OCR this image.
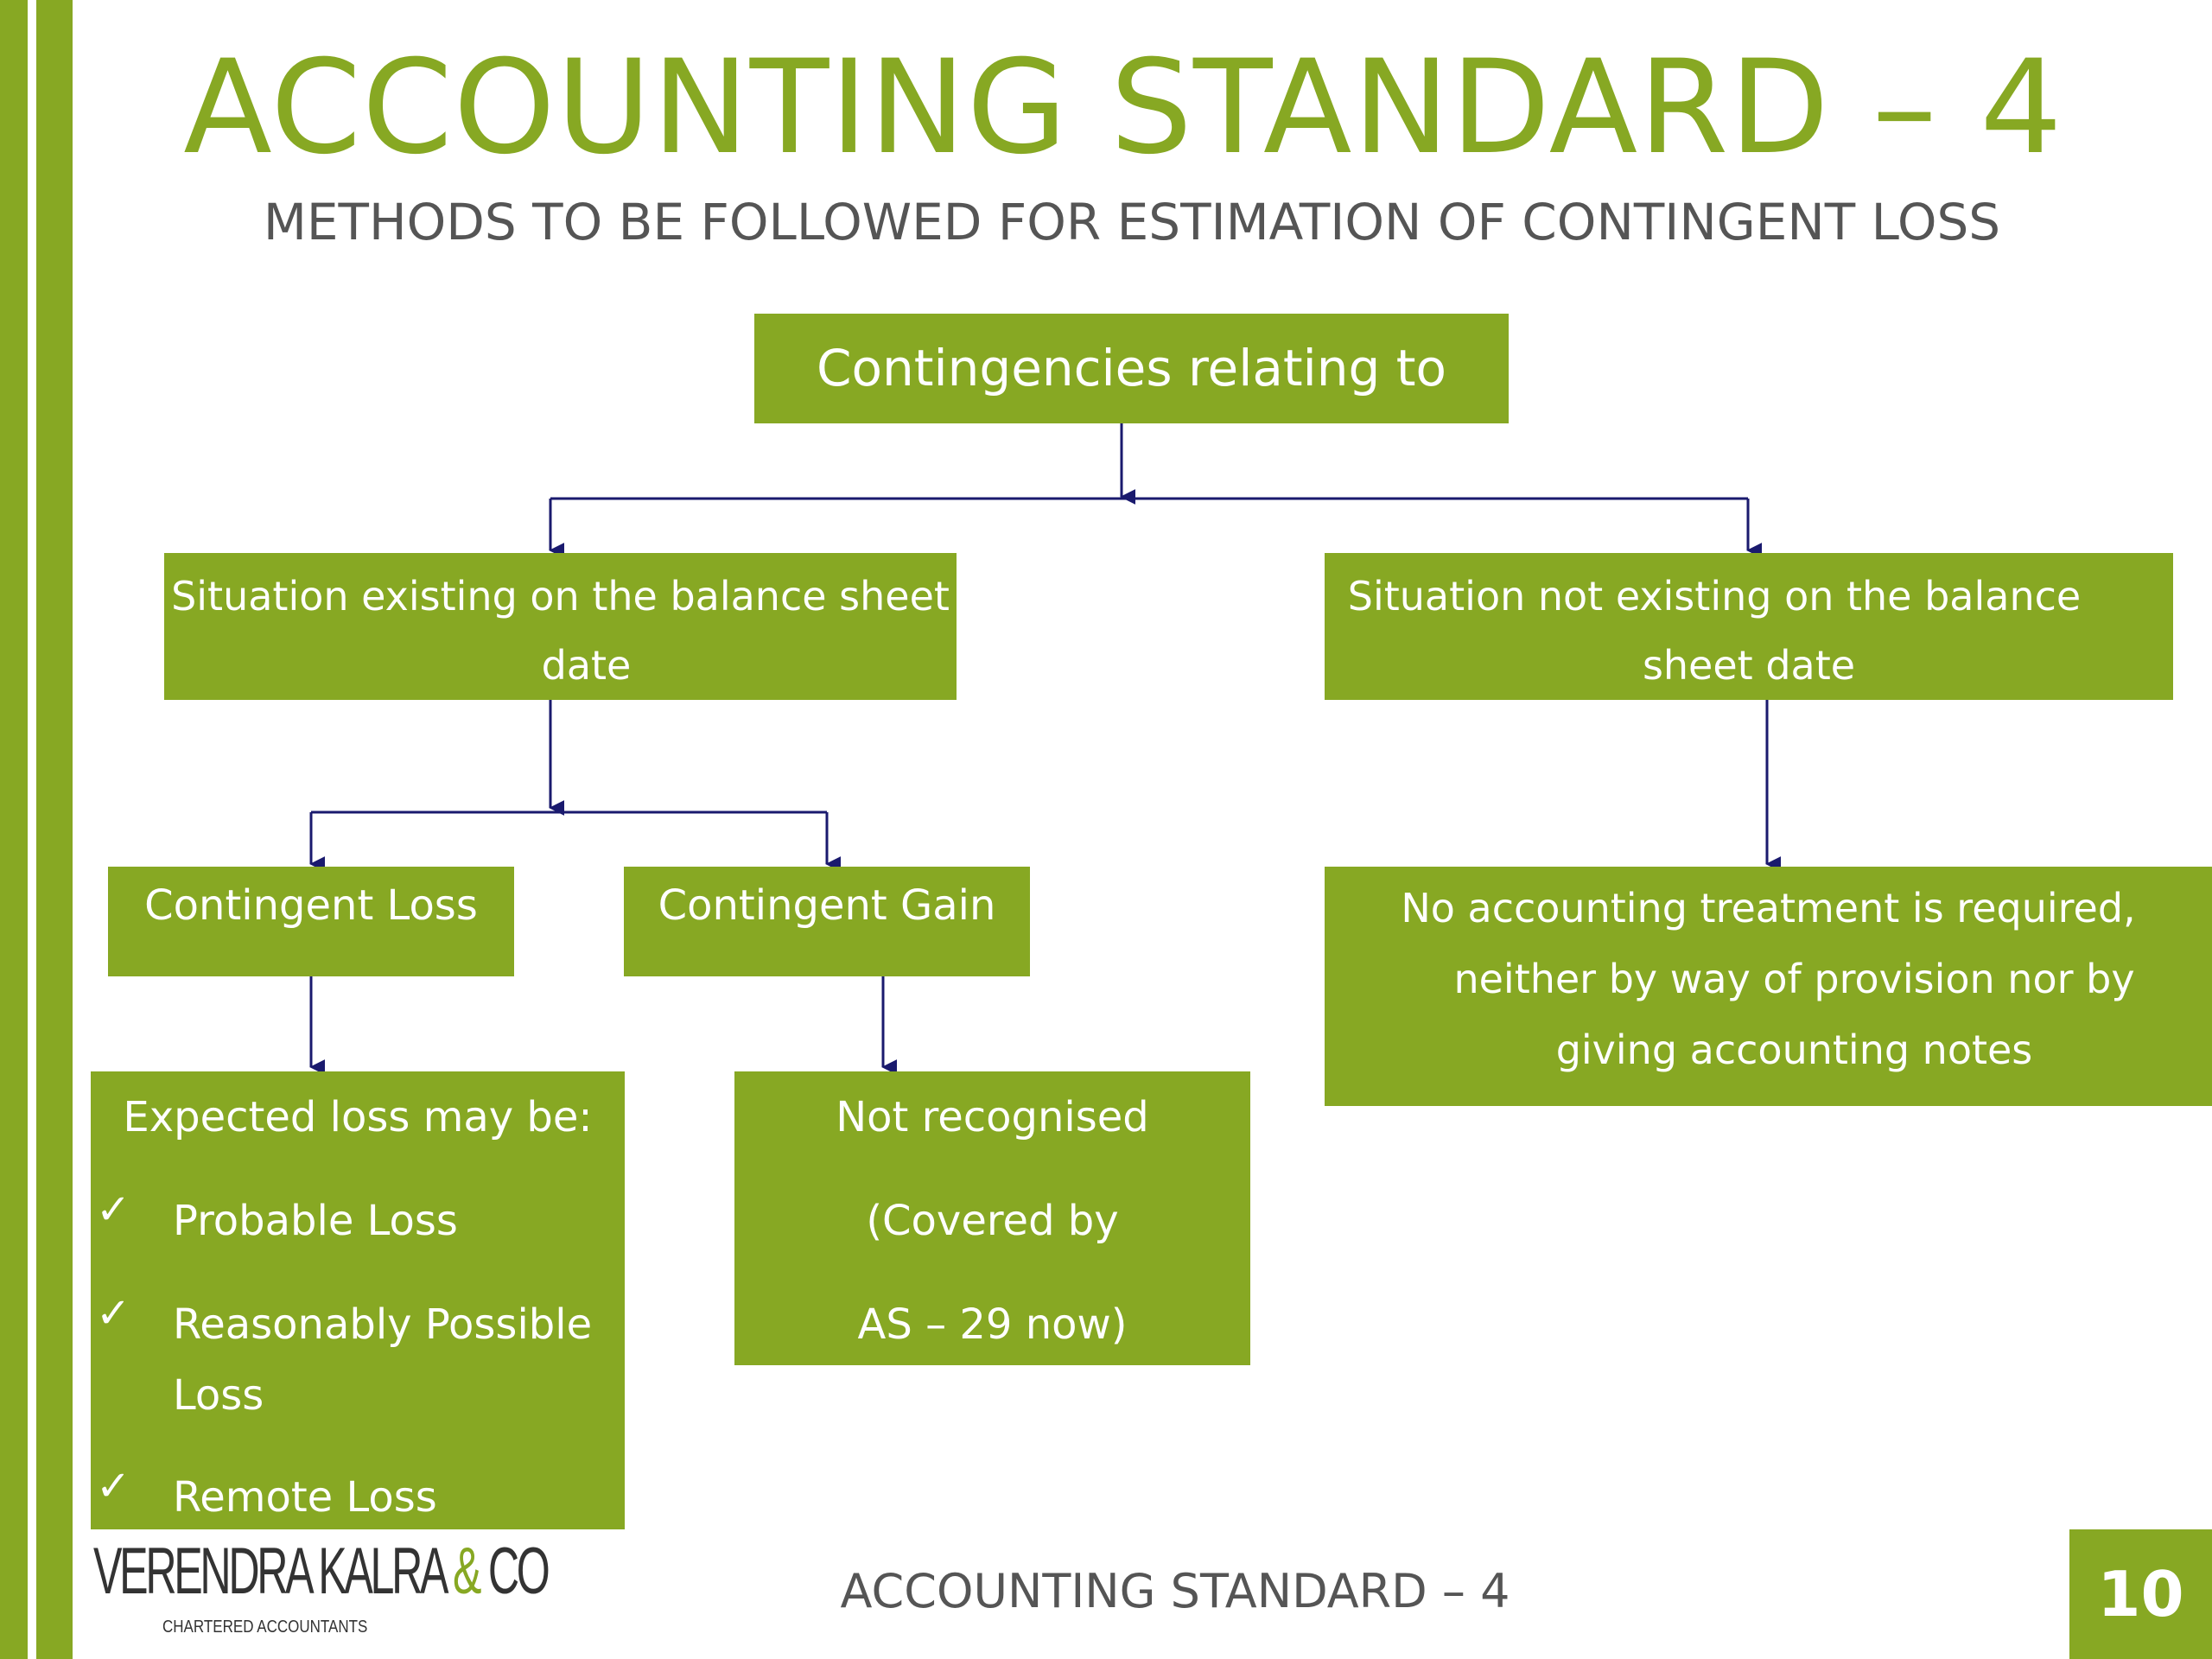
ACCOUNTING STANDARD – 4
METHODS TO BE FOLLOWED FOR ESTIMATION OF CONTINGENT LOSS
Contingencies relating to
Situation existing on the balance sheet
date
Situation not existing on the balance
sheet date
Contingent Loss	Contingent Gain	No accounting treatment is required,
neither by way of provision nor by
giving accounting notes
Expected loss may be:
✓ Probable Loss
✓ Reasonably Possible
Loss
✓ Remote Loss
Not recognised
(Covered by
AS – 29 now)
VERENDRA KALRA & CO
CHARTERED ACCOUNTANTS
ACCOUNTING STANDARD – 4	10
